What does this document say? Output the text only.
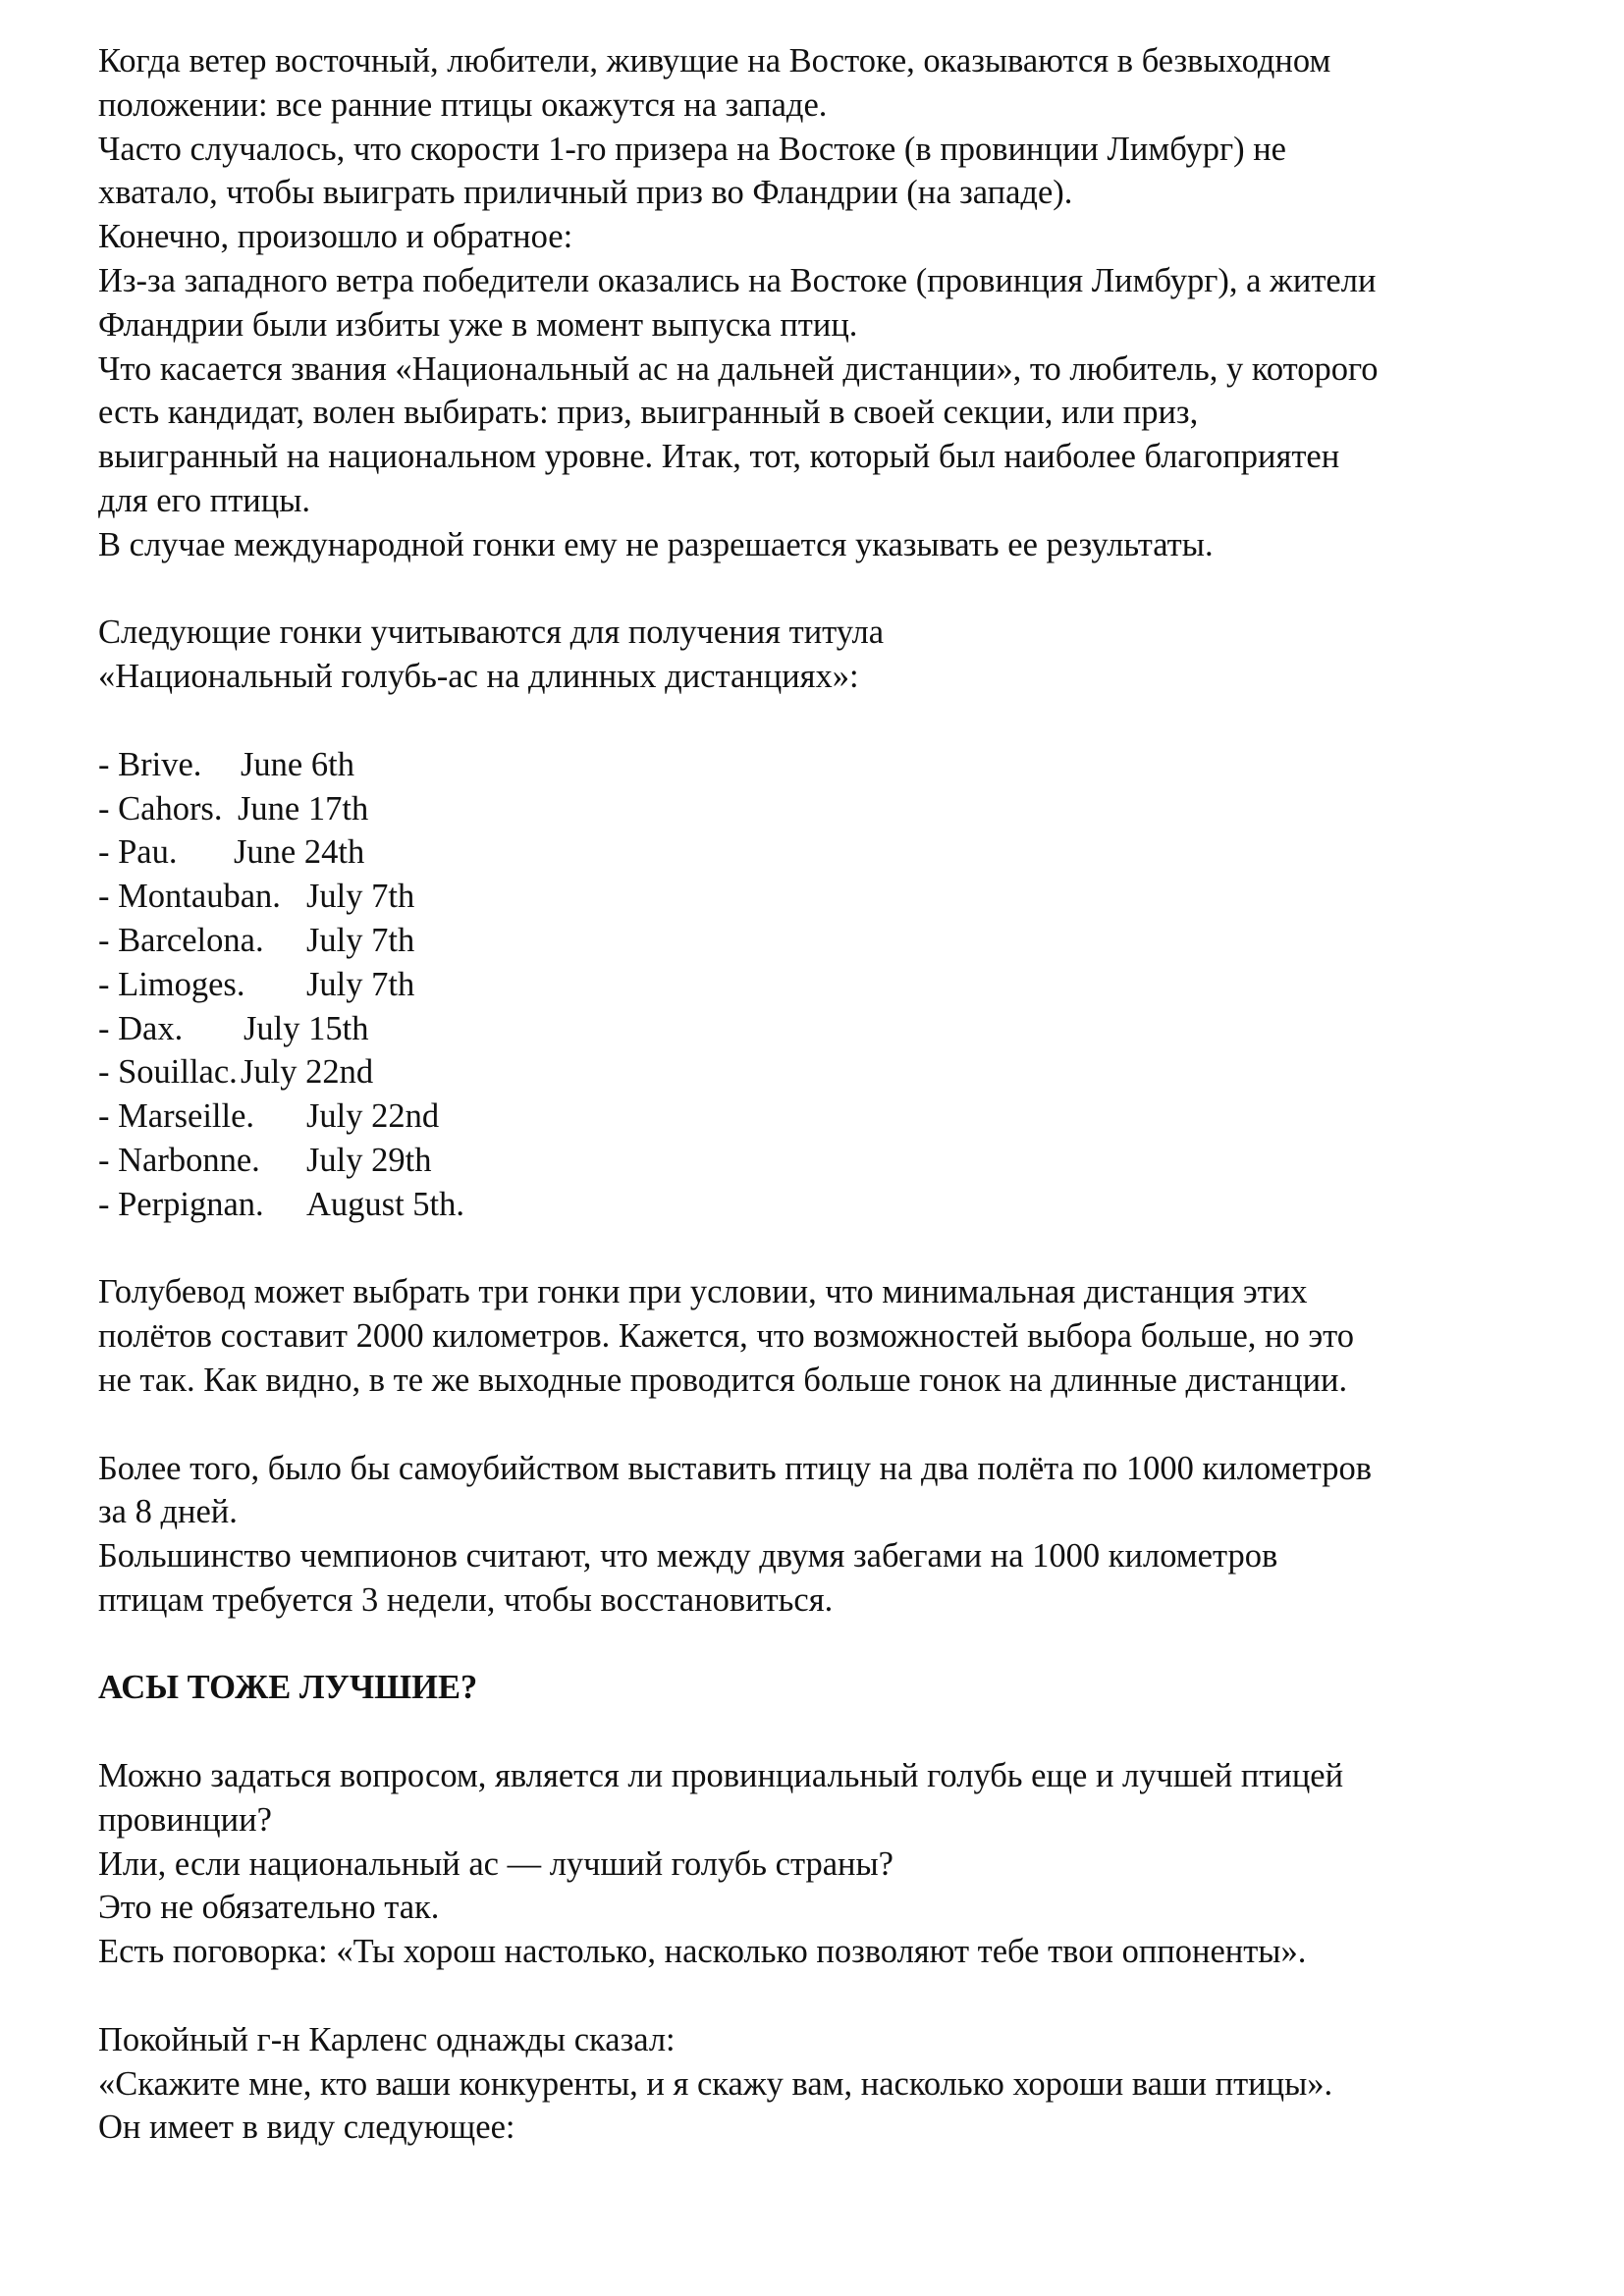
Когда ветер восточный, любители, живущие на Востоке, оказываются в безвыходном
положении: все ранние птицы окажутся на западе.
Часто случалось, что скорости 1-го призера на Востоке (в провинции Лимбург) не
хватало, чтобы выиграть приличный приз во Фландрии (на западе).
Конечно, произошло и обратное:
Из-за западного ветра победители оказались на Востоке (провинция Лимбург), а жители
Фландрии были избиты уже в момент выпуска птиц.
Что касается звания «Национальный ас на дальней дистанции», то любитель, у которого
есть кандидат, волен выбирать: приз, выигранный в своей секции, или приз,
выигранный на национальном уровне. Итак, тот, который был наиболее благоприятен
для его птицы.
В случае международной гонки ему не разрешается указывать ее результаты.
Следующие гонки учитываются для получения титула
«Национальный голубь-ас на длинных дистанциях»:
- Brive.	June 6th
- Cahors. June 17th
- Pau.	June 24th
- Montauban. July 7th
- Barcelona.	July 7th
- Limoges.	July 7th
- Dax.	July 15th
- Souillac. July 22nd
- Marseille.	July 22nd
- Narbonne.	July 29th
- Perpignan.	August 5th.
Голубевод может выбрать три гонки при условии, что минимальная дистанция этих
полётов составит 2000 километров. Кажется, что возможностей выбора больше, но это
не так. Как видно, в те же выходные проводится больше гонок на длинные дистанции.
Более того, было бы самоубийством выставить птицу на два полёта по 1000 километров
за 8 дней.
Большинство чемпионов считают, что между двумя забегами на 1000 километров
птицам требуется 3 недели, чтобы восстановиться.
АСЫ ТОЖЕ ЛУЧШИЕ?
Можно задаться вопросом, является ли провинциальный голубь еще и лучшей птицей
провинции?
Или, если национальный ас — лучший голубь страны?
Это не обязательно так.
Есть поговорка: «Ты хорош настолько, насколько позволяют тебе твои оппоненты».
Покойный г-н Карленс однажды сказал:
«Скажите мне, кто ваши конкуренты, и я скажу вам, насколько хороши ваши птицы».
Он имеет в виду следующее:
